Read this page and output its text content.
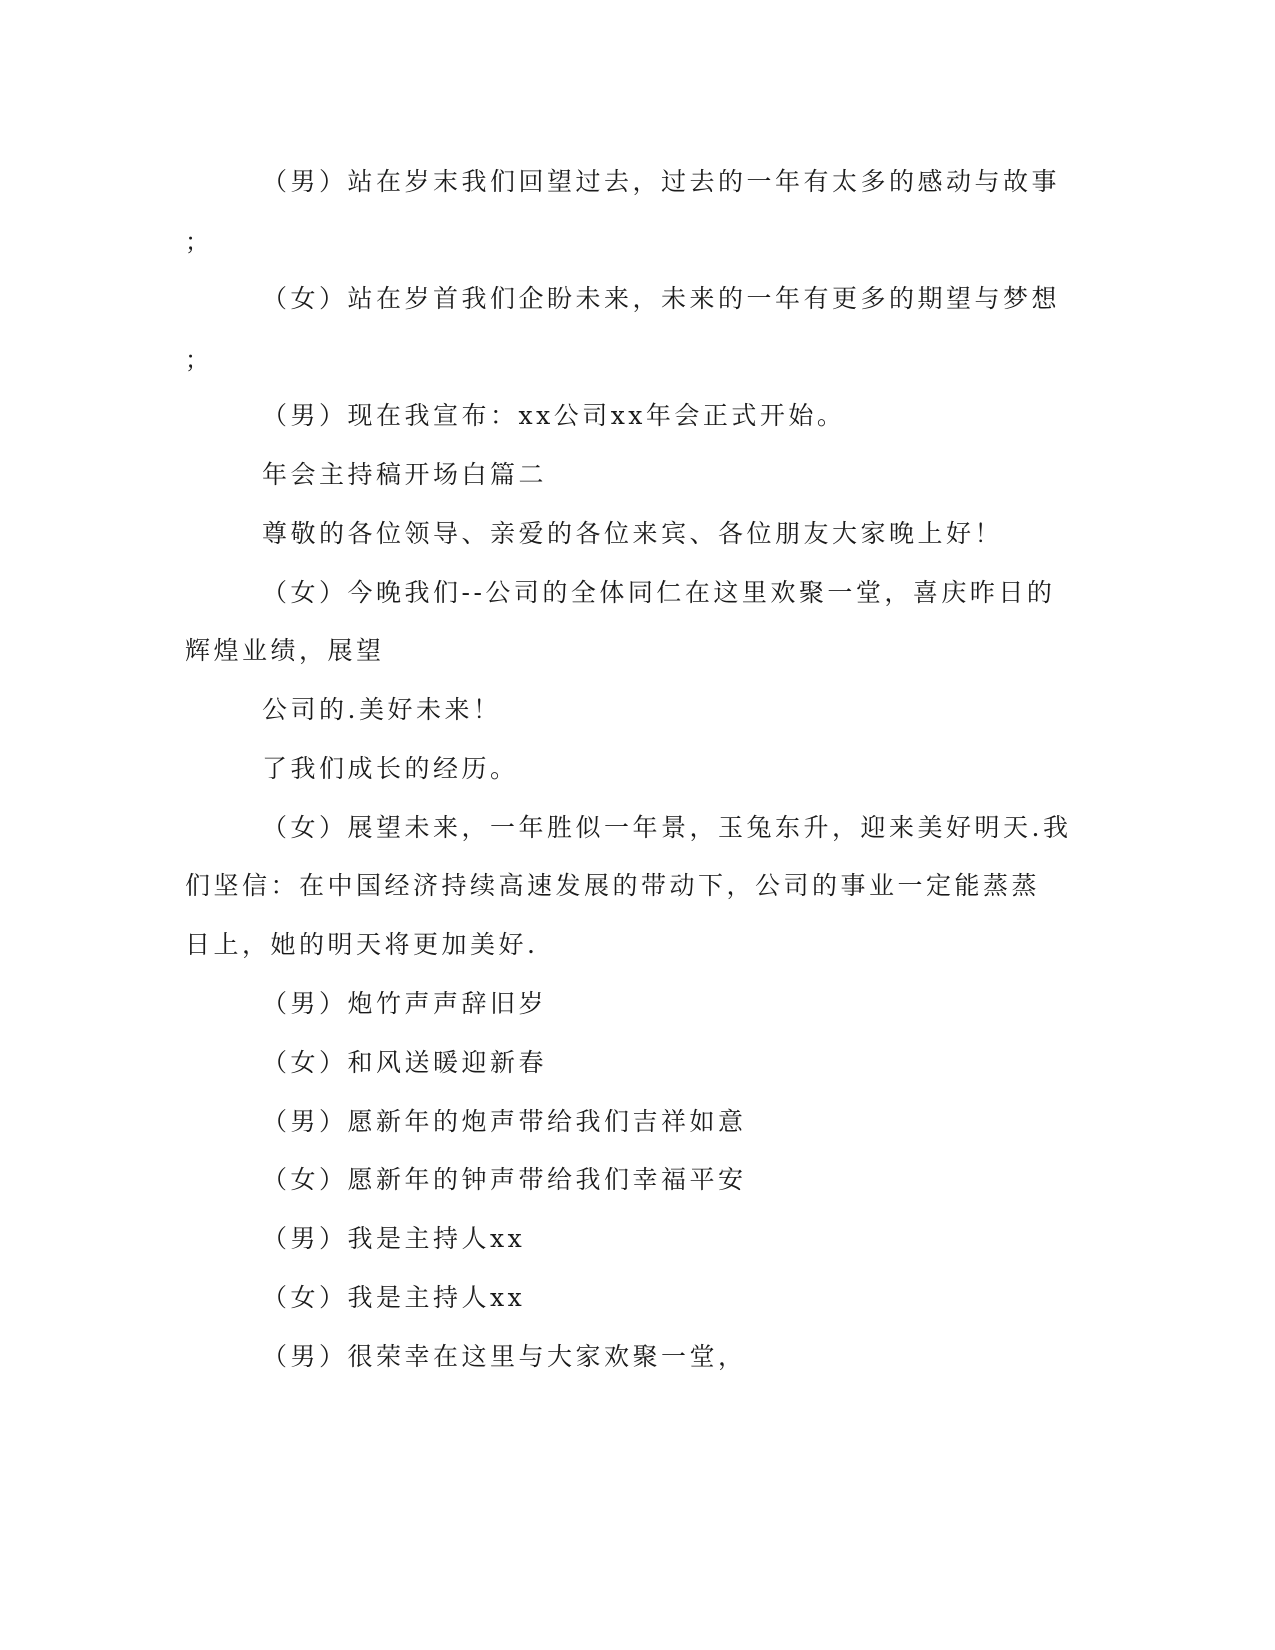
（男）站在岁末我们回望过去，过去的一年有太多的感动与故事
；
（女）站在岁首我们企盼未来，未来的一年有更多的期望与梦想
；
（男）现在我宣布：xx公司xx年会正式开始。
年会主持稿开场白篇二
尊敬的各位领导、亲爱的各位来宾、各位朋友大家晚上好！
（女）今晚我们--公司的全体同仁在这里欢聚一堂，喜庆昨日的
辉煌业绩，展望
公司的.美好未来！
了我们成长的经历。
（女）展望未来，一年胜似一年景，玉兔东升，迎来美好明天.我
们坚信：在中国经济持续高速发展的带动下，公司的事业一定能蒸蒸
日上，她的明天将更加美好.
（男）炮竹声声辞旧岁
（女）和风送暖迎新春
（男）愿新年的炮声带给我们吉祥如意
（女）愿新年的钟声带给我们幸福平安
（男）我是主持人xx
（女）我是主持人xx
（男）很荣幸在这里与大家欢聚一堂，
